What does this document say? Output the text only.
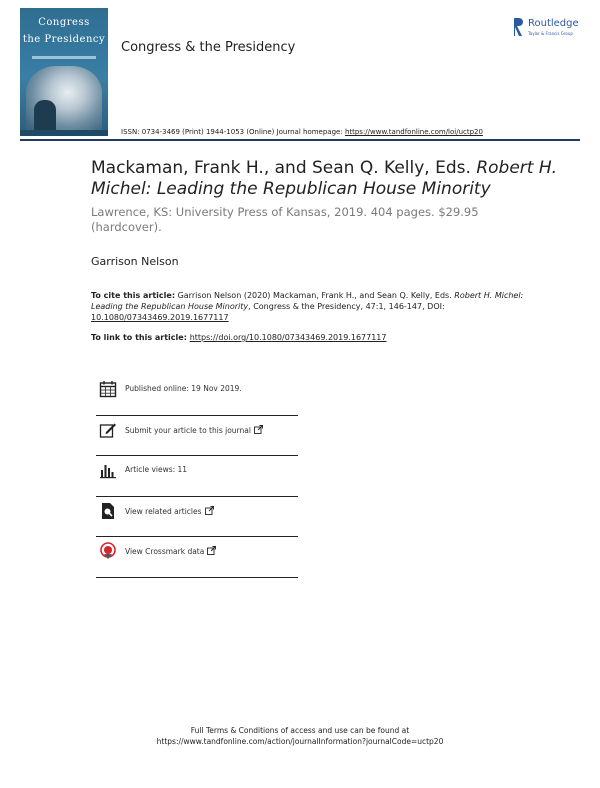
Congress
the Presidency
Congress & the Presidency
Routledge
Taylor & Francis Group
ISSN: 0734-3469 (Print) 1944-1053 (Online) Journal homepage: https://www.tandfonline.com/loi/uctp20
Mackaman, Frank H., and Sean Q. Kelly, Eds. Robert H. Michel: Leading the Republican House Minority
Lawrence, KS: University Press of Kansas, 2019. 404 pages. $29.95 (hardcover).
Garrison Nelson
To cite this article: Garrison Nelson (2020) Mackaman, Frank H., and Sean Q. Kelly, Eds. Robert H. Michel: Leading the Republican House Minority, Congress & the Presidency, 47:1, 146-147, DOI: 10.1080/07343469.2019.1677117
To link to this article: https://doi.org/10.1080/07343469.2019.1677117
Published online: 19 Nov 2019.
Submit your article to this journal
Article views: 11
View related articles
View Crossmark data
Full Terms & Conditions of access and use can be found at
https://www.tandfonline.com/action/journalInformation?journalCode=uctp20
